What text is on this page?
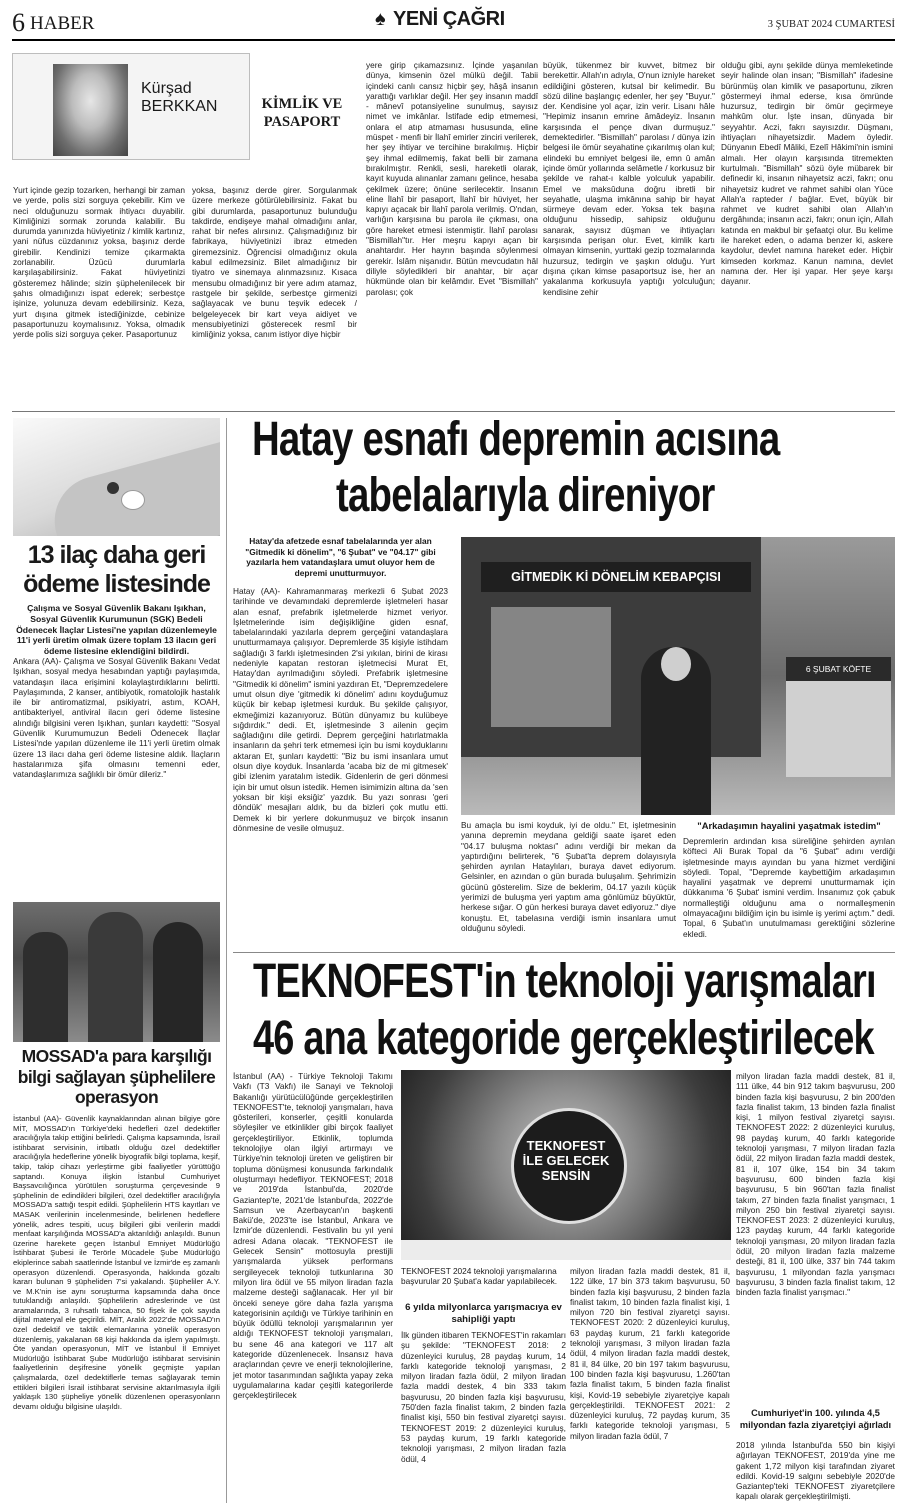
6 HABER	♠ YENİ ÇAĞRI	3 ŞUBAT 2024 CUMARTESİ
Kürşad
BERKKAN	KİMLİK VE PASAPORT
Yurt içinde gezip tozarken, herhangi bir zaman ve yerde, polis sizi sorguya çekebilir. Kim ve neci olduğunuzu sormak ihtiyacı duyabilir. Kimliğinizi sormak zorunda kalabilir. Bu durumda yanınızda hüviyetiniz / kimlik kartınız, yani nüfus cüzdanınız yoksa, başınız derde girebilir. Kendinizi temize çıkarmakta zorlanabilir. Üzücü durumlarla karşılaşabilirsiniz. Fakat hüviyetinizi gösteremez hâlinde; sizin şüphelenilecek bir şahıs olmadığınızı ispat ederek; serbestçe işinize, yolunuza devam edebilirsiniz. Keza, yurt dışına gitmek istediğinizde, cebinize pasaportunuzu koymalısınız. Yoksa, olmadık yerde polis sizi sorguya çeker. Pasaportunuz
yoksa, başınız derde girer. Sorgulanmak üzere merkeze götürülebilirsiniz. Fakat bu gibi durumlarda, pasaportunuz bulunduğu takdirde, endişeye mahal olmadığını anlar, rahat bir nefes alırsınız. Çalışmadığınız bir fabrikaya, hüviyetinizi ibraz etmeden giremezsiniz. Öğrencisi olmadığınız okula kabul edilmezsiniz. Bilet almadığınız bir tiyatro ve sinemaya alınmazsınız. Kısaca mensubu olmadığınız bir yere adım atamaz, rastgele bir şekilde, serbestçe girmenizi sağlayacak ve bunu teşvik edecek / belgeleyecek bir kart veya aidiyet ve mensubiyetinizi gösterecek resmî bir kimliğiniz yoksa, canım istiyor diye hiçbir
yere girip çıkamazsınız. İçinde yaşanılan dünya, kimsenin özel mülkü değil. Tabii içindeki canlı cansız hiçbir şey, hâşâ insanın yarattığı varlıklar değil. Her şey insanın maddî - mânevî potansiyeline sunulmuş, sayısız nimet ve imkânlar. İstifade edip etmemesi, onlara el atıp atmaması hususunda, eline müspet - menfi bir İlahî emirler zinciri verilerek, her şey ihtiyar ve tercihine bırakılmış. Hiçbir şey ihmal edilmemiş, fakat belli bir zamana bırakılmıştır. Renkli, sesli, hareketli olarak, kayıt kuyuda alınanlar zamanı gelince, hesaba çekilmek üzere; önüne serilecektir. İnsanın eline İlahî bir pasaport, İlahî bir hüviyet, her kapıyı açacak bir İlahî parola verilmiş. O'ndan, varlığın karşısına bu parola ile çıkması, ona göre hareket etmesi istenmiştir. İlahî parolası "Bismillah"tır. Her meşru kapıyı açan bir anahtardır. Her hayrın başında söylenmesi gerekir. İslâm nişanıdır. Bütün mevcudatın hâl diliyle söyledikleri bir anahtar, bir açar hükmünde olan bir kelâmdır. Evet "Bismillah" parolası; çok
büyük, tükenmez bir kuvvet, bitmez bir berekettir. Allah'ın adıyla, O'nun izniyle hareket edildiğini gösteren, kutsal bir kelimedir. Bu sözü diline başlangıç edenler, her şey "Buyur." der. Kendisine yol açar, izin verir. Lisanı hâle "Hepimiz insanın emrine âmâdeyiz. İnsanın karşısında el pençe divan durmuşuz." demektedirler. "Bismillah" parolası / dünya izin belgesi ile ömür seyahatine çıkarılmış olan kul; elindeki bu emniyet belgesi ile, emn û amân içinde ömür yollarında selâmetle / korkusuz bir şekilde ve rahat-ı kalble yolculuk yapabilir. Emel ve maksûduna doğru ibretli bir seyahatle, ulaşma imkânına sahip bir hayat sürmeye devam eder. Yoksa tek başına olduğunu hissedip, sahipsiz olduğunu sanarak, sayısız düşman ve ihtiyaçları karşısında perişan olur. Evet, kimlik kartı olmayan kimsenin, yurttaki gezip tozmalarında huzursuz, tedirgin ve şaşkın olduğu. Yurt dışına çıkan kimse pasaportsuz ise, her an yakalanma korkusuyla yaptığı yolculuğun; kendisine zehir
olduğu gibi, aynı şekilde dünya memleketinde seyir halinde olan insan; "Bismillah" ifadesine bürünmüş olan kimlik ve pasaportunu, zikren göstermeyi ihmal ederse, kısa ömründe huzursuz, tedirgin bir ömür geçirmeye mahkûm olur. İşte insan, dünyada bir seyyahtır. Aczi, fakrı sayısızdır. Düşmanı, ihtiyaçları nihayetsizdir. Madem öyledir. Dünyanın Ebedî Mâliki, Ezelî Hâkimi'nin ismini almalı. Her olayın karşısında titremekten kurtulmalı. "Bismillah" sözü öyle mübarek bir definedir ki, insanın nihayetsiz aczi, fakrı; onu nihayetsiz kudret ve rahmet sahibi olan Yüce Allah'a rapteder / bağlar. Evet, büyük bir rahmet ve kudret sahibi olan Allah'ın dergâhında; insanın aczi, fakrı; onun için, Allah katında en makbul bir şefaatçi olur. Bu kelime ile hareket eden, o adama benzer ki, askere kaydolur, devlet namına hareket eder. Hiçbir kimseden korkmaz. Kanun namına, devlet namına der. Her işi yapar. Her şeye karşı dayanır.
13 ilaç daha geri ödeme listesinde
Çalışma ve Sosyal Güvenlik Bakanı Işıkhan, Sosyal Güvenlik Kurumunun (SGK) Bedeli Ödenecek İlaçlar Listesi'ne yapılan düzenlemeyle 11'i yerli üretim olmak üzere toplam 13 ilacın geri ödeme listesine eklendiğini bildirdi.
Ankara (AA)- Çalışma ve Sosyal Güvenlik Bakanı Vedat Işıkhan, sosyal medya hesabından yaptığı paylaşımda, vatandaşın ilaca erişimini kolaylaştırdıklarını belirtti. Paylaşımında, 2 kanser, antibiyotik, romatolojik hastalık ile bir antiromatizmal, psikiyatri, astım, KOAH, antibakteriyel, antiviral ilacın geri ödeme listesine alındığı bilgisini veren Işıkhan, şunları kaydetti: "Sosyal Güvenlik Kurumumuzun Bedeli Ödenecek İlaçlar Listesi'nde yapılan düzenleme ile 11'i yerli üretim olmak üzere 13 ilacı daha geri ödeme listesine aldık. İlaçların hastalarımıza şifa olmasını temenni eder, vatandaşlarımıza sağlıklı bir ömür dileriz."
MOSSAD'a para karşılığı bilgi sağlayan şüphelilere operasyon
İstanbul (AA)- Güvenlik kaynaklarından alınan bilgiye göre MİT, MOSSAD'ın Türkiye'deki hedefleri özel dedektifler aracılığıyla takip ettiğini belirledi. Çalışma kapsamında, İsrail istihbarat servisinin, irtibatlı olduğu özel dedektifler aracılığıyla hedeflerine yönelik biyografik bilgi toplama, keşif, takip, takip cihazı yerleştirme gibi faaliyetler yürüttüğü saptandı. Konuya ilişkin İstanbul Cumhuriyet Başsavcılığınca yürütülen soruşturma çerçevesinde 9 şüphelinin de edindikleri bilgileri, özel dedektifler aracılığıyla MOSSAD'a sattığı tespit edildi. Şüphelilerin HTS kayıtları ve MASAK verilerinin incelenmesinde, belirlenen hedeflere yönelik, adres tespiti, ucuş bilgileri gibi verilerin maddi menfaat karşılığında MOSSAD'a aktarıldığı anlaşıldı. Bunun üzerine harekete geçen İstanbul Emniyet Müdürlüğü İstihbarat Şubesi ile Terörle Mücadele Şube Müdürlüğü ekiplerince sabah saatlerinde İstanbul ve İzmir'de eş zamanlı operasyon düzenlendi. Operasyonda, hakkında gözaltı kararı bulunan 9 şüpheliden 7'si yakalandı. Şüpheliler A.Y. ve M.K'nin ise aynı soruşturma kapsamında daha önce tutuklandığı anlaşıldı. Şüphelilerin adreslerinde ve üst aramalarında, 3 ruhsatlı tabanca, 50 fişek ile çok sayıda dijital materyal ele geçirildi. MİT, Aralık 2022'de MOSSAD'ın özel dedektif ve taktik elemanlarına yönelik operasyon düzenlemiş, yakalanan 68 kişi hakkında da işlem yapılmıştı. Öte yandan operasyonun, MİT ve İstanbul İl Emniyet Müdürlüğü İstihbarat Şube Müdürlüğü istihbarat servisinin faaliyetlerinin deşifresine yönelik geçmişte yapılan çalışmalarda, özel dedektiflerle temas sağlayarak temin ettikleri bilgileri İsrail istihbarat servisine aktarılmasıyla ilgili yaklaşık 130 şüpheliye yönelik düzenlenen operasyonların devamı olduğu bilgisine ulaşıldı.
Hatay esnafı depremin acısına
tabelalarıyla direniyor
Hatay'da afetzede esnaf tabelalarında yer alan "Gitmedik ki dönelim", "6 Şubat" ve "04.17" gibi yazılarla hem vatandaşlara umut oluyor hem de depremi unutturmuyor.
Hatay (AA)- Kahramanmaraş merkezli 6 Şubat 2023 tarihinde ve devamındaki depremlerde işletmeleri hasar alan esnaf, prefabrik işletmelerde hizmet veriyor. İşletmelerinde isim değişikliğine giden esnaf, tabelalarındaki yazılarla deprem gerçeğini vatandaşlara unutturmamaya çalışıyor. Depremlerde 35 kişiyle istihdam sağladığı 3 farklı işletmesinden 2'si yıkılan, birini de kirası nedeniyle kapatan restoran işletmecisi Murat Et, Hatay'dan ayrılmadığını söyledi. Prefabrik işletmesine "Gitmedik ki dönelim" ismini yazdıran Et, "Depremzedelere umut olsun diye 'gitmedik ki dönelim' adını koyduğumuz küçük bir kebap işletmesi kurduk. Bu şekilde çalışıyor, ekmeğimizi kazanıyoruz. Bütün dünyamız bu kulübeye sığdırdık." dedi. Et, işletmesinde 3 ailenin geçim sağladığını dile getirdi. Deprem gerçeğini hatırlatmakla insanların da şehri terk etmemesi için bu ismi koyduklarını aktaran Et, şunları kaydetti: "Biz bu ismi insanlara umut olsun diye koyduk. İnsanlarda 'acaba biz de mi gitmesek' gibi izlenim yaratalım istedik. Gidenlerin de geri dönmesi için bir umut olsun istedik. Hemen isimimizin altına da 'sen yoksan bir kişi eksiğiz' yazdık. Bu yazı sonrası 'geri döndük' mesajları aldık, bu da bizleri çok mutlu etti. Demek ki bir yerlere dokunmuşuz ve birçok insanın dönmesine de vesile olmuşuz.
GİTMEDİK Kİ DÖNELİM KEBAPÇISI
6 ŞUBAT KÖFTE
Bu amaçla bu ismi koyduk, iyi de oldu." Et, işletmesinin yanına depremin meydana geldiği saate işaret eden "04.17 buluşma noktası" adını verdiği bir mekan da yaptırdığını belirterek, "6 Şubat'ta deprem dolayısıyla şehirden ayrılan Hataylıları, buraya davet ediyorum. Gelsinler, en azından o gün burada buluşalım. Şehrimizin gücünü gösterelim. Size de beklerim, 04.17 yazılı küçük yerimizi de buluşma yeri yaptım ama gönlümüz büyüktür, herkese sığar. O gün herkesi buraya davet ediyoruz." diye konuştu. Et, tabelasına verdiği ismin insanlara umut olduğunu söyledi.
"Arkadaşımın hayalini yaşatmak istedim"
Depremlerin ardından kısa süreliğine şehirden ayrılan köfteci Ali Burak Topal da "6 Şubat" adını verdiği işletmesinde mayıs ayından bu yana hizmet verdiğini söyledi. Topal, "Depremde kaybettiğim arkadaşımın hayalini yaşatmak ve depremi unutturmamak için dükkanıma '6 Şubat' ismini verdim. İnsanımız çok çabuk normalleştiği olduğunu ama o normalleşmenin olmayacağını bildiğim için bu isimle iş yerimi açtım." dedi. Topal, 6 Şubat'ın unutulmaması gerektiğini sözlerine ekledi.
TEKNOFEST'in teknoloji yarışmaları
46 ana kategoride gerçekleştirilecek
İstanbul (AA) - Türkiye Teknoloji Takımı Vakfı (T3 Vakfı) ile Sanayi ve Teknoloji Bakanlığı yürütücülüğünde gerçekleştirilen TEKNOFEST'te, teknoloji yarışmaları, hava gösterileri, konserler, çeşitli konularda söyleşiler ve etkinlikler gibi birçok faaliyet gerçekleştiriliyor. Etkinlik, toplumda teknolojiye olan ilgiyi artırmayı ve Türkiye'nin teknoloji üreten ve geliştiren bir topluma dönüşmesi konusunda farkındalık oluşturmayı hedefliyor. TEKNOFEST; 2018 ve 2019'da İstanbul'da, 2020'de Gaziantep'te, 2021'de İstanbul'da, 2022'de Samsun ve Azerbaycan'ın başkenti Bakü'de, 2023'te ise İstanbul, Ankara ve İzmir'de düzenlendi. Festivalin bu yıl yeni adresi Adana olacak. "TEKNOFEST ile Gelecek Sensin" mottosuyla prestijli yarışmalarda yüksek performans sergileyecek teknoloji tutkunlarına 30 milyon lira ödül ve 55 milyon liradan fazla malzeme desteği sağlanacak. Her yıl bir önceki seneye göre daha fazla yarışma kategorisinin açıldığı ve Türkiye tarihinin en büyük ödüllü teknoloji yarışmalarının yer aldığı TEKNOFEST teknoloji yarışmaları, bu sene 46 ana kategori ve 117 alt kategoride düzenlenecek. İnsansız hava araçlarından çevre ve enerji teknolojilerine, jet motor tasarımından sağlıkta yapay zeka uygulamalarına kadar çeşitli kategorilerde gerçekleştirilecek
TEKNOFEST İLE GELECEK SENSİN
TEKNOFEST 2024 teknoloji yarışmalarına başvurular 20 Şubat'a kadar yapılabilecek.
6 yılda milyonlarca yarışmacıya ev sahipliği yaptı
İlk günden itibaren TEKNOFEST'in rakamları şu şekilde: "TEKNOFEST 2018: 2 düzenleyici kuruluş, 28 paydaş kurum, 14 farklı kategoride teknoloji yarışması, 2 milyon liradan fazla ödül, 2 milyon liradan fazla maddi destek, 4 bin 333 takım başvurusu, 20 binden fazla kişi başvurusu, 750'den fazla finalist takım, 2 binden fazla finalist kişi, 550 bin festival ziyaretçi sayısı. TEKNOFEST 2019: 2 düzenleyici kuruluş, 53 paydaş kurum, 19 farklı kategoride teknoloji yarışması, 2 milyon liradan fazla ödül, 4
milyon liradan fazla maddi destek, 81 il, 122 ülke, 17 bin 373 takım başvurusu, 50 binden fazla kişi başvurusu, 2 binden fazla finalist takım, 10 binden fazla finalist kişi, 1 milyon 720 bin festival ziyaretçi sayısı. TEKNOFEST 2020: 2 düzenleyici kuruluş, 63 paydaş kurum, 21 farklı kategoride teknoloji yarışması, 3 milyon liradan fazla ödül, 4 milyon liradan fazla maddi destek, 81 il, 84 ülke, 20 bin 197 takım başvurusu, 100 binden fazla kişi başvurusu, 1.260'tan fazla finalist takım, 5 binden fazla finalist kişi, Kovid-19 sebebiyle ziyaretçiye kapalı gerçekleştirildi. TEKNOFEST 2021: 2 düzenleyici kuruluş, 72 paydaş kurum, 35 farklı kategoride teknoloji yarışması, 5 milyon liradan fazla ödül, 7
milyon liradan fazla maddi destek, 81 il, 111 ülke, 44 bin 912 takım başvurusu, 200 binden fazla kişi başvurusu, 2 bin 200'den fazla finalist takım, 13 binden fazla finalist kişi, 1 milyon festival ziyaretçi sayısı. TEKNOFEST 2022: 2 düzenleyici kuruluş, 98 paydaş kurum, 40 farklı kategoride teknoloji yarışması, 7 milyon liradan fazla ödül, 22 milyon liradan fazla maddi destek, 81 il, 107 ülke, 154 bin 34 takım başvurusu, 600 binden fazla kişi başvurusu, 5 bin 960'tan fazla finalist takım, 27 binden fazla finalist yarışmacı, 1 milyon 250 bin festival ziyaretçi sayısı. TEKNOFEST 2023: 2 düzenleyici kuruluş, 123 paydaş kurum, 44 farklı kategoride teknoloji yarışması, 20 milyon liradan fazla ödül, 20 milyon liradan fazla malzeme desteği, 81 il, 100 ülke, 337 bin 744 takım başvurusu, 1 milyondan fazla yarışmacı başvurusu, 3 binden fazla finalist takım, 12 binden fazla finalist yarışmacı."
Cumhuriyet'in 100. yılında 4,5 milyondan fazla ziyaretçiyi ağırladı
2018 yılında İstanbul'da 550 bin kişiyi ağırlayan TEKNOFEST, 2019'da yine me gakent 1,72 milyon kişi tarafından ziyaret edildi. Kovid-19 salgını sebebiyle 2020'de Gaziantep'teki TEKNOFEST ziyaretçilere kapalı olarak gerçekleştirilmişti.
